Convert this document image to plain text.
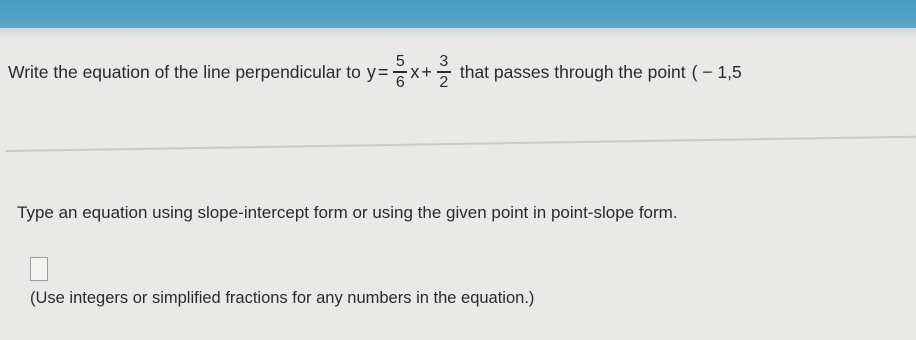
Write the equation of the line perpendicular to $y = \frac{5}{6}$ $x + \frac{3}{2}$ that passes through the point ( − 1,5
Type an equation using slope-intercept form or using the given point in point-slope form.
(Use integers or simplified fractions for any numbers in the equation.)
